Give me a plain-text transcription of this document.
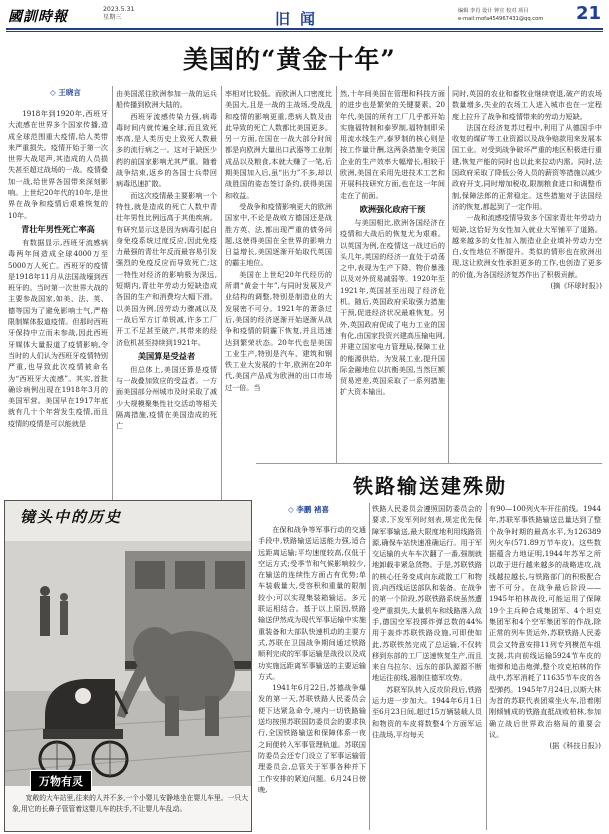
國訓時報	2023.5.31
星期三	旧闻	编辑 李肖 设计 钟宣 校对 项目
e-mail:mofa454967431@qq.com 21
美国的“黄金十年”
◇ 王晓言

1918年到1920年,西班牙大流感在世界多个国家传播,造成全球范围重大疫情,给人类带来严重损失。疫情开始于第一次世界大战尾声,其造成的人员损失甚至超过战场的一战。疫情叠加一战,给世界各国带来深刻影响。上世纪20年代的10年,是世界在战争和疫情后艰难恢复的10年。

青壮年男性死亡率高

有数据显示,西班牙流感病毒两年间造成全球4000万至5000万人死亡。西班牙的疫情是1918年11月从法国战壕到西班牙的。当时第一次世界大战的主要参战国家,如美、法、英、德等国为了避免影响士气,严格限制媒体报道疫情。但那时西班牙保持中立而未参战,因此西班牙媒体大量报道了疫情影响,令当时的人们认为西班牙疫情特别严重,也导致此次疫情被命名为“西班牙大流感”。其实,首批确诊病例出现在1918年3月的美国军营。美国早在1917年底就有几十个年营发生疫情,而且疫情的疫情是可以能就是

由美国派往欧洲参加一战的运兵船传播到欧洲大陆的。

西班牙流感传染力强,病毒毒时间内就传遍全球,而且致死率高,是人类历史上致死人数最多的流行病之一。这对于缺医少药的前国家影响尤其严重。随着战争结束,返乡的各国士兵带回病毒迅速扩散。

而这次疫情最主要影响一个特性,就是造成的死亡人数中青壮年男性比例远高于其他疾病。有研究显示这是因为病毒引起自身免疫系统过度反应,因此免疫力最强的青壮年反而最容易引发强烈的免疫反应而导致死亡;这一特性对经济的影响极为深远,短期内,青壮年劳动力短缺造成各国的生产和消费均大幅下滑。以美国为例,因劳动力骤减以及一战后军方订单锐减,许多工厂开工不足甚至破产,其带来的经济危机甚至持续到1921年。

美国算是受益者

但总体上,美国还算是疫情与一战叠加致应的受益者。一方面美国部分州城市及时采取了减少大规模聚集性社交活动等相关隔离措施,疫情在美国造成的死亡

率相对比较低。而欧洲人口密度比美国大,且是一战的主战场,受战乱和疫情的影响更重,患病人数及由此导致的死亡人数都比美国更多。另一方面,在国在一战大部分时间都是向欧洲大量出口武器等工业制成品以及粮食,本就大赚了一笔,后期美国加入后,虽“出力”不多,却以战胜国的姿态签订条约,获得美国和收益。

受战争和疫情影响更大的欧洲国家中,不论是战败方德国还是战胜方英、法,都出现严重的债务问题,这使得美国在全世界的影响力日益增长,美国逐渐开始取代英国的霸主地位。

美国在上世纪20年代经历的所谓“黄金十年”,与同时发展及产业结构的调整,特别是制造业的大发展密不可分。1921年的萧条过后,美国的经济逐渐开始逐渐从战争和疫情的阴霾下恢复,并且迅速达到繁荣状态。20年代也是美国工业生产,特别是汽车、建筑和钢铁工业大发展的十年,欧洲在20年代,美国产品成为欧洲的出口市场过一倍。当

然,十年间美国在管理和科技方面的进步也是繁荣的关键要素。20年代,美国的所有工厂几乎都开始实施福特制和泰罗制,福特制即采用流水线生产,泰罗制的核心则是按工作量计酬,这两条措施令美国企业的生产效率大幅增长,相较于欧洲,美国在采用先进技术工艺和开展科技研究方面,也在这一年间走在了前面。

欧洲强化政府干预

与美国相比,欧洲各国经济在疫情和大战后的恢复尤为艰难。以英国为例,在疫情这一战过后的头几年,英国的经济一直处于动荡之中,表现为生产下降、物价暴涨以及对外贸易减弱等。1920年至1921年,英国甚至出现了经济危机。随后,英国政府采取强力措施干预,促进经济状况最难恢复。另外,英国政府促成了电力工业的国有化,由国家投资兴建高压输电网,并建立国家电力管理局,保障工业的能源供给。为发展工业,提升国际金融地位以抗衡美国,当然巨额贸易逆差,英国采取了一系列措施扩大资本输出。

同时,英国的农业和畜牧业继续衰退,破产的农场数量增多,失业的农场工人进入城市也在一定程度上拉升了战争和疫情带来的劳动力短缺。

法国在经济复苏过程中,利用了从德国手中收复的煤矿等工业资源以及战争赔款用来发展本国工业。对受到战争破坏严重的地区积极进行重建,恢复产能的同时也以此来拉动内需。同时,法国政府采取了降低公务人员的薪资等措施以减少政府开支,同时增加税收,限制粮食进口和调整币制,保障法郎的正常稳定。这些措施对于法国经济的恢复,都起到了一定作用。

一战和流感疫情导致多个国家青壮年劳动力短缺,这恰好为女性加入就业大军铺平了道路。越来越多的女性加入制造业企业填补劳动力空白,女性地位不断提升。类似的情形也在欧洲出现,这让欧洲女性承担更多的工作,也创造了更多的价值,为各国经济复苏作出了积极贡献。

(摘《环球时报》)
铁路输送建殊勋
◇ 李鹏 褚喜

在保和战争等军事行动的交通手段中,铁路输送运送能力强,适合远距离运输;平均速度较高,仅低于空运方式;受季节和气候影响较少,在输送的连续性方面占有优势;单车装载量大,受容积和重量的限制较小;可以实现集装箱输运。多元联运相结合。基于以上原因,铁路输送伊然成为现代军事运输中实施重装备和大部队快速机动的主要方式,苏联在卫国战争期间通过铁路顺利完成的军事运输是战役以及成功实施远距离军事输送的主要运输方式。

1941年6月22日,苏德战争爆发的第一天,苏联铁路人民委员会便下达紧急命令,境内一切铁路输送均按照苏联国防委员会的要求执行,全国铁路输送和保障体系一夜之间便转入军事管理轨道。苏联国防委员会还专门设立了军事运输管理委员会,总管关于军事各种并下工作安排的紧迫问题。6月24日傍晚,

铁路人民委员会遵照国防委员会的要求,下发军列时刻表,规定优先保障军事输送,最大限度地利用线路资源,确保车站快速准确运行。用于军交运输的火车车次翻了一番,强制就地卸载非紧急货物。于是,苏联铁路的核心任务变成向东疏散工厂和物资,向西线运送部队和装备。在战争的第一个阶段,苏联铁路系统虽然遭受严重损失,大量机车和线路落入敌手,德国空军投掷炸弹总数的44%用于轰炸苏联铁路设施,可即使如此,苏联铁然完成了总运输,不仅转移到东部的工厂送速恢复生产,而且来自乌拉尔、远东的部队源源不断地运往前线,遏制住德军攻势。

苏联军队转入反攻阶段后,铁路运力进一步加大。1944年6月1日至6月23日间,超过15万辆装载人员和物资的车皮将数整4个方面军运往战场,平均每天

有90—100列火车开往前线。1944年,苏联军事铁路输送总量达到了整个战争时期的最高水平,为126389列火车(571.89万节车皮)。这些数据蕴含力地证明,1944年苏军之所以敢于进行越来越多的战略进攻,战线越拉越长,与铁路部门的积极配合密不可分。在战争最后阶段——1945年柏林战役,可能运用了保障19个主兵种合成集团军、4个坦克集团军和4个空军集团军的作战,除正常的列车货运外,苏联铁路人民委员会又特意安排11列专列模范车组支援,共向前线运输5924节车皮的炮弹和追击炮弹,整个攻克柏林的作战中,苏军消耗了11635节车皮的各型弹药。1945年7月24日,以斯大林为首的苏联代表团乘坐火车,沿着刚刚倾铺成的铁路直抵战败柏林,参加确立战后世界政治格局的重要会议。

(据《科技日报》)
镜头中的历史
万物有灵
宽敞的大车站里,往来的人并不多,一个小婴儿安静地坐在婴儿车里。一只大象,用它的长鼻子管管着这婴儿车的扶手,不让婴儿车乱动。
